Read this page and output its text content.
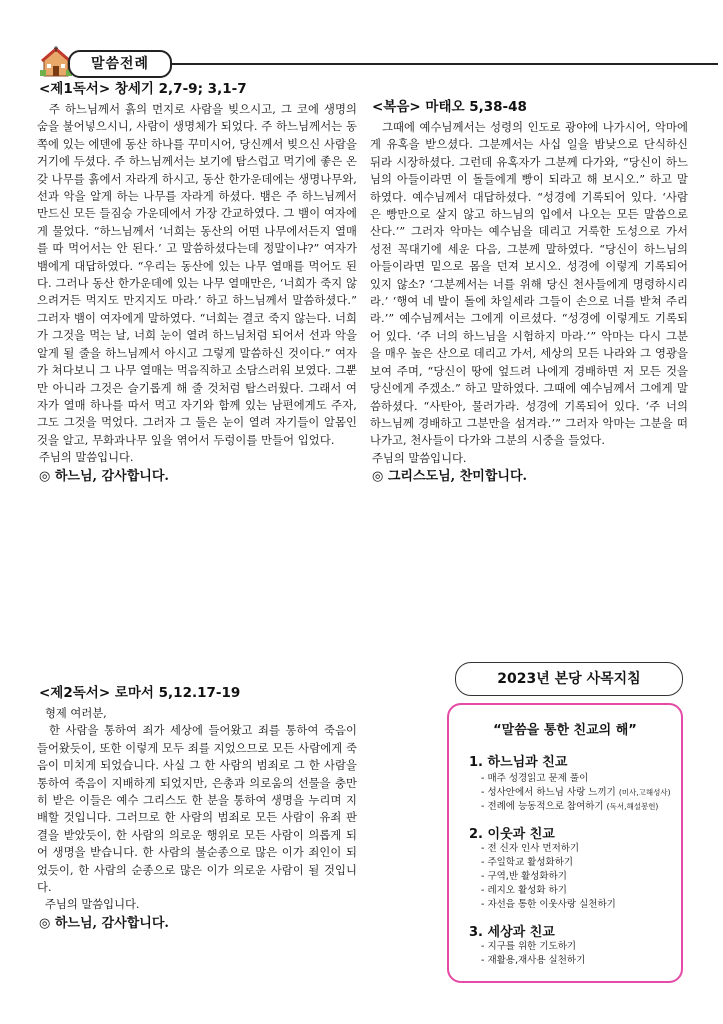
말씀전례
<제1독서> 창세기 2,7-9; 3,1-7

주 하느님께서 흙의 먼지로 사람을 빚으시고, 그 코에 생명의 숨을 불어넣으시니, 사람이 생명체가 되었다. 주 하느님께서는 동쪽에 있는 에덴에 동산 하나를 꾸미시어, 당신께서 빚으신 사람을 거기에 두셨다. 주 하느님께서는 보기에 탐스럽고 먹기에 좋은 온갖 나무를 흙에서 자라게 하시고, 동산 한가운데에는 생명나무와, 선과 악을 알게 하는 나무를 자라게 하셨다. 뱀은 주 하느님께서 만드신 모든 들짐승 가운데에서 가장 간교하였다. 그 뱀이 여자에게 물었다. “하느님께서 ‘너희는 동산의 어떤 나무에서든지 열매를 따 먹어서는 안 된다.’ 고 말씀하셨다는데 정말이냐?” 여자가 뱀에게 대답하였다. “우리는 동산에 있는 나무 열매를 먹어도 된다. 그러나 동산 한가운데에 있는 나무 열매만은, ‘너희가 죽지 않으려거든 먹지도 만지지도 마라.’ 하고 하느님께서 말씀하셨다.” 그러자 뱀이 여자에게 말하였다. “너희는 결코 죽지 않는다. 너희가 그것을 먹는 날, 너희 눈이 열려 하느님처럼 되어서 선과 악을 알게 될 줄을 하느님께서 아시고 그렇게 말씀하신 것이다.” 여자가 쳐다보니 그 나무 열매는 먹음직하고 소담스러워 보였다. 그뿐만 아니라 그것은 슬기롭게 해 줄 것처럼 탐스러웠다. 그래서 여자가 열매 하나를 따서 먹고 자기와 함께 있는 남편에게도 주자, 그도 그것을 먹었다. 그러자 그 둘은 눈이 열려 자기들이 알몸인 것을 알고, 무화과나무 잎을 엮어서 두렁이를 만들어 입었다.

주님의 말씀입니다.

◎ 하느님, 감사합니다.

<제2독서> 로마서 5,12.17-19

형제 여러분,

한 사람을 통하여 죄가 세상에 들어왔고 죄를 통하여 죽음이 들어왔듯이, 또한 이렇게 모두 죄를 지었으므로 모든 사람에게 죽음이 미치게 되었습니다. 사실 그 한 사람의 범죄로 그 한 사람을 통하여 죽음이 지배하게 되었지만, 은총과 의로움의 선물을 충만히 받은 이들은 예수 그리스도 한 분을 통하여 생명을 누리며 지배할 것입니다. 그러므로 한 사람의 범죄로 모든 사람이 유죄 판결을 받았듯이, 한 사람의 의로운 행위로 모든 사람이 의롭게 되어 생명을 받습니다. 한 사람의 불순종으로 많은 이가 죄인이 되었듯이, 한 사람의 순종으로 많은 이가 의로운 사람이 될 것입니다.

주님의 말씀입니다.

◎ 하느님, 감사합니다.

<복음> 마태오 5,38-48

그때에 예수님께서는 성령의 인도로 광야에 나가시어, 악마에게 유혹을 받으셨다. 그분께서는 사십 일을 밤낮으로 단식하신 뒤라 시장하셨다. 그런데 유혹자가 그분께 다가와, “당신이 하느님의 아들이라면 이 돌들에게 빵이 되라고 해 보시오.” 하고 말하였다. 예수님께서 대답하셨다. “성경에 기록되어 있다. ‘사람은 빵만으로 살지 않고 하느님의 입에서 나오는 모든 말씀으로 산다.’” 그러자 악마는 예수님을 데리고 거룩한 도성으로 가서 성전 꼭대기에 세운 다음, 그분께 말하였다. “당신이 하느님의 아들이라면 밑으로 몸을 던져 보시오. 성경에 이렇게 기록되어 있지 않소? ‘그분께서는 너를 위해 당신 천사들에게 명령하시리라.’ ‘행여 네 발이 돌에 차일세라 그들이 손으로 너를 받쳐 주리라.’” 예수님께서는 그에게 이르셨다. “성경에 이렇게도 기록되어 있다. ‘주 너의 하느님을 시험하지 마라.’” 악마는 다시 그분을 매우 높은 산으로 데리고 가서, 세상의 모든 나라와 그 영광을 보여 주며, “당신이 땅에 엎드려 나에게 경배하면 저 모든 것을 당신에게 주겠소.” 하고 말하였다. 그때에 예수님께서 그에게 말씀하셨다. “사탄아, 물러가라. 성경에 기록되어 있다. ‘주 너의 하느님께 경배하고 그분만을 섬겨라.’” 그러자 악마는 그분을 떠나가고, 천사들이 다가와 그분의 시중을 들었다.

주님의 말씀입니다.

◎ 그리스도님, 찬미합니다.

2023년 본당 사목지침
“말씀을 통한 친교의 해”
1. 하느님과 친교
- 매주 성경읽고 문제 풀이
- 성사안에서 하느님 사랑 느끼기 (미사,고해성사)
- 전례에 능동적으로 참여하기 (독서,해설봉헌)
2. 이웃과 친교
- 전 신자 인사 먼저하기
- 주일학교 활성화하기
- 구역,반 활성화하기
- 레지오 활성화 하기
- 자선을 통한 이웃사랑 실천하기
3. 세상과 친교
- 지구를 위한 기도하기
- 재활용,재사용 실천하기
